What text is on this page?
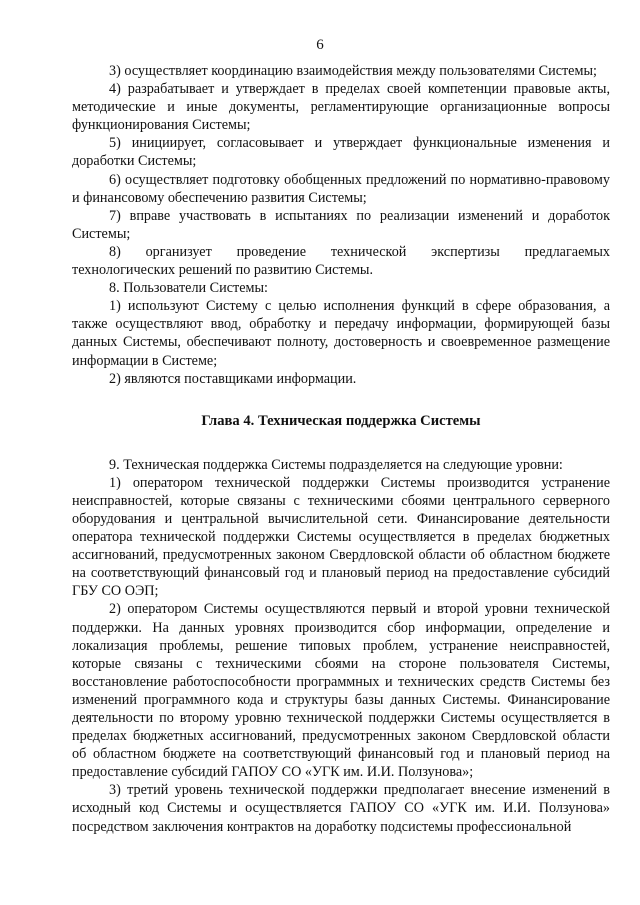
6

3) осуществляет координацию взаимодействия между пользователями Системы;

4) разрабатывает и утверждает в пределах своей компетенции правовые акты, методические и иные документы, регламентирующие организационные вопросы функционирования Системы;

5) инициирует, согласовывает и утверждает функциональные изменения и доработки Системы;

6) осуществляет подготовку обобщенных предложений по нормативно-правовому и финансовому обеспечению развития Системы;

7) вправе участвовать в испытаниях по реализации изменений и доработок Системы;

8) организует проведение технической экспертизы предлагаемых технологических решений по развитию Системы.

8. Пользователи Системы:

1) используют Систему с целью исполнения функций в сфере образования, а также осуществляют ввод, обработку и передачу информации, формирующей базы данных Системы, обеспечивают полноту, достоверность и своевременное размещение информации в Системе;

2) являются поставщиками информации.

Глава 4. Техническая поддержка Системы

9. Техническая поддержка Системы подразделяется на следующие уровни:

1) оператором технической поддержки Системы производится устранение неисправностей, которые связаны с техническими сбоями центрального серверного оборудования и центральной вычислительной сети. Финансирование деятельности оператора технической поддержки Системы осуществляется в пределах бюджетных ассигнований, предусмотренных законом Свердловской области об областном бюджете на соответствующий финансовый год и плановый период на предоставление субсидий ГБУ СО ОЭП;

2) оператором Системы осуществляются первый и второй уровни технической поддержки. На данных уровнях производится сбор информации, определение и локализация проблемы, решение типовых проблем, устранение неисправностей, которые связаны с техническими сбоями на стороне пользователя Системы, восстановление работоспособности программных и технических средств Системы без изменений программного кода и структуры базы данных Системы. Финансирование деятельности по второму уровню технической поддержки Системы осуществляется в пределах бюджетных ассигнований, предусмотренных законом Свердловской области об областном бюджете на соответствующий финансовый год и плановый период на предоставление субсидий ГАПОУ СО «УГК им. И.И. Ползунова»;

3) третий уровень технической поддержки предполагает внесение изменений в исходный код Системы и осуществляется ГАПОУ СО «УГК им. И.И. Ползунова» посредством заключения контрактов на доработку подсистемы профессиональной
